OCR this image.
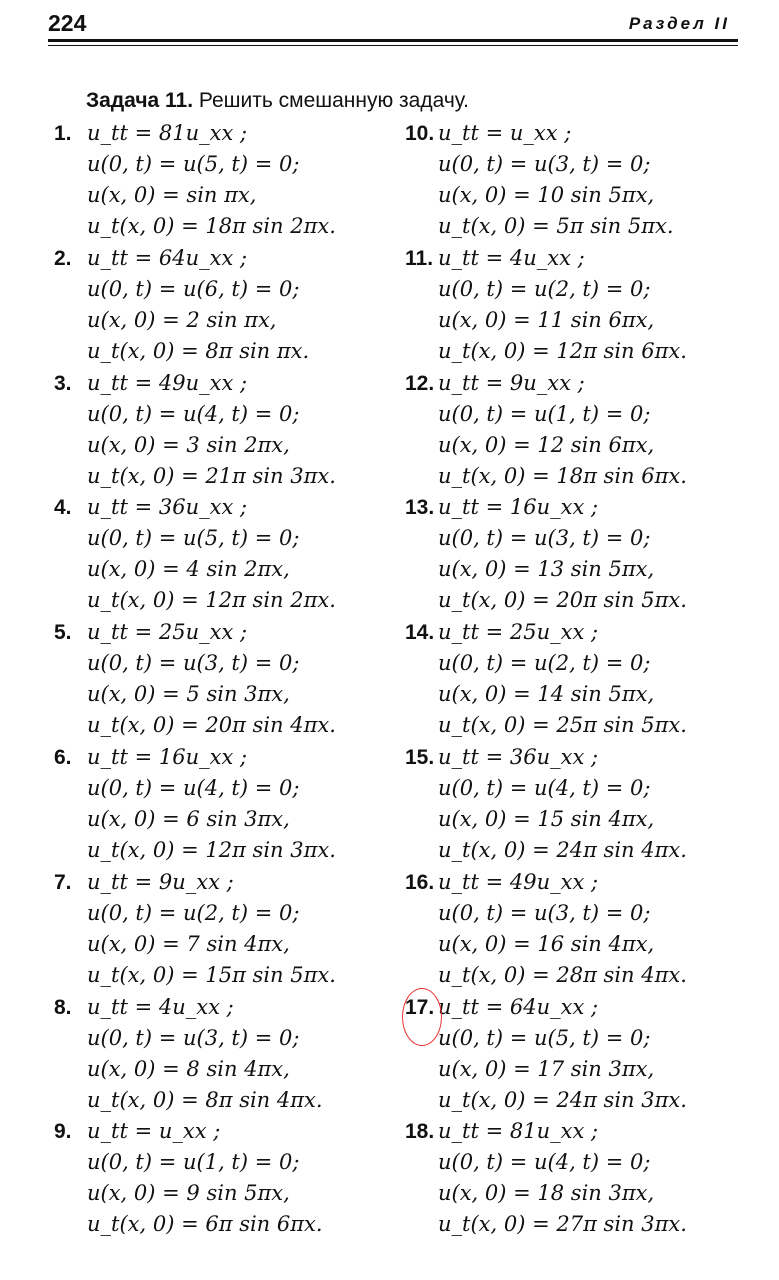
224	Раздел II
Задача 11. Решить смешанную задачу.
1. u_tt = 81u_xx ;
u(0, t) = u(5, t) = 0;
u(x, 0) = sin πx,
u_t(x, 0) = 18π sin 2πx.
2. u_tt = 64u_xx ;
u(0, t) = u(6, t) = 0;
u(x, 0) = 2 sin πx,
u_t(x, 0) = 8π sin πx.
3. u_tt = 49u_xx ;
u(0, t) = u(4, t) = 0;
u(x, 0) = 3 sin 2πx,
u_t(x, 0) = 21π sin 3πx.
4. u_tt = 36u_xx ;
u(0, t) = u(5, t) = 0;
u(x, 0) = 4 sin 2πx,
u_t(x, 0) = 12π sin 2πx.
5. u_tt = 25u_xx ;
u(0, t) = u(3, t) = 0;
u(x, 0) = 5 sin 3πx,
u_t(x, 0) = 20π sin 4πx.
6. u_tt = 16u_xx ;
u(0, t) = u(4, t) = 0;
u(x, 0) = 6 sin 3πx,
u_t(x, 0) = 12π sin 3πx.
7. u_tt = 9u_xx ;
u(0, t) = u(2, t) = 0;
u(x, 0) = 7 sin 4πx,
u_t(x, 0) = 15π sin 5πx.
8. u_tt = 4u_xx ;
u(0, t) = u(3, t) = 0;
u(x, 0) = 8 sin 4πx,
u_t(x, 0) = 8π sin 4πx.
9. u_tt = u_xx ;
u(0, t) = u(1, t) = 0;
u(x, 0) = 9 sin 5πx,
u_t(x, 0) = 6π sin 6πx.
10. u_tt = u_xx ;
u(0, t) = u(3, t) = 0;
u(x, 0) = 10 sin 5πx,
u_t(x, 0) = 5π sin 5πx.
11. u_tt = 4u_xx ;
u(0, t) = u(2, t) = 0;
u(x, 0) = 11 sin 6πx,
u_t(x, 0) = 12π sin 6πx.
12. u_tt = 9u_xx ;
u(0, t) = u(1, t) = 0;
u(x, 0) = 12 sin 6πx,
u_t(x, 0) = 18π sin 6πx.
13. u_tt = 16u_xx ;
u(0, t) = u(3, t) = 0;
u(x, 0) = 13 sin 5πx,
u_t(x, 0) = 20π sin 5πx.
14. u_tt = 25u_xx ;
u(0, t) = u(2, t) = 0;
u(x, 0) = 14 sin 5πx,
u_t(x, 0) = 25π sin 5πx.
15. u_tt = 36u_xx ;
u(0, t) = u(4, t) = 0;
u(x, 0) = 15 sin 4πx,
u_t(x, 0) = 24π sin 4πx.
16. u_tt = 49u_xx ;
u(0, t) = u(3, t) = 0;
u(x, 0) = 16 sin 4πx,
u_t(x, 0) = 28π sin 4πx.
17. u_tt = 64u_xx ;
u(0, t) = u(5, t) = 0;
u(x, 0) = 17 sin 3πx,
u_t(x, 0) = 24π sin 3πx.
18. u_tt = 81u_xx ;
u(0, t) = u(4, t) = 0;
u(x, 0) = 18 sin 3πx,
u_t(x, 0) = 27π sin 3πx.
